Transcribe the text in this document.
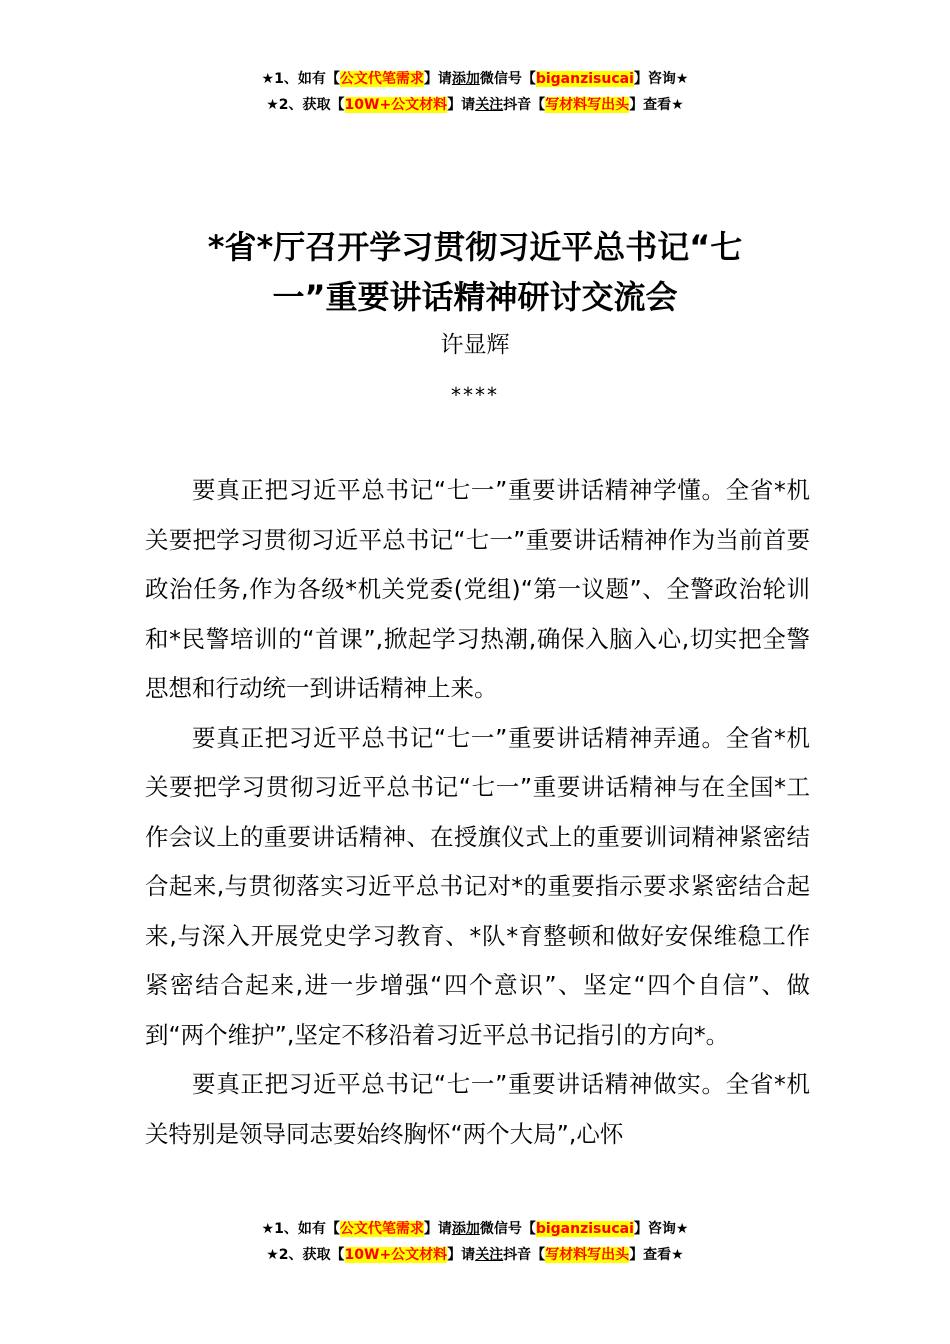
★1、如有【公文代笔需求】请添加微信号【biganzisucai】咨询★
★2、获取【10W+公文材料】请关注抖音【写材料写出头】查看★
*省*厅召开学习贯彻习近平总书记“七
一”重要讲话精神研讨交流会
许显辉
****

要真正把习近平总书记“七一”重要讲话精神学懂。全省*机关要把学习贯彻习近平总书记“七一”重要讲话精神作为当前首要政治任务,作为各级*机关党委(党组)“第一议题”、全警政治轮训和*民警培训的“首课”,掀起学习热潮,确保入脑入心,切实把全警思想和行动统一到讲话精神上来。

要真正把习近平总书记“七一”重要讲话精神弄通。全省*机关要把学习贯彻习近平总书记“七一”重要讲话精神与在全国*工作会议上的重要讲话精神、在授旗仪式上的重要训词精神紧密结合起来,与贯彻落实习近平总书记对*的重要指示要求紧密结合起来,与深入开展党史学习教育、*队*育整顿和做好安保维稳工作紧密结合起来,进一步增强“四个意识”、坚定“四个自信”、做到“两个维护”,坚定不移沿着习近平总书记指引的方向*。

要真正把习近平总书记“七一”重要讲话精神做实。全省*机关特别是领导同志要始终胸怀“两个大局”,心怀

★1、如有【公文代笔需求】请添加微信号【biganzisucai】咨询★
★2、获取【10W+公文材料】请关注抖音【写材料写出头】查看★
